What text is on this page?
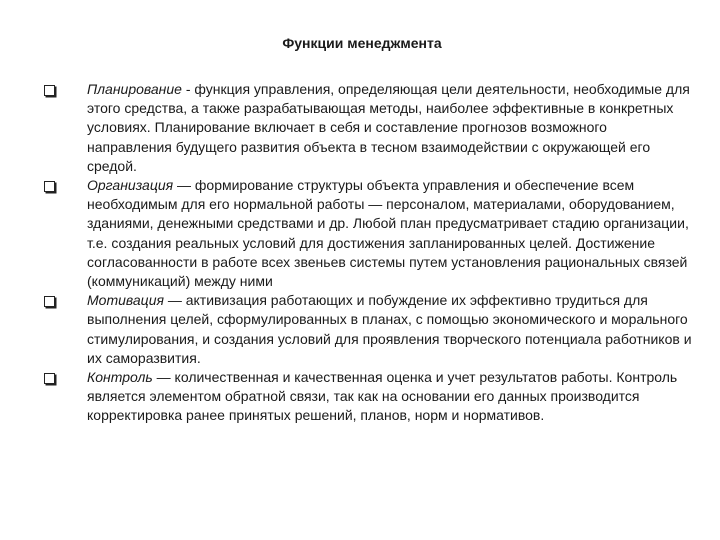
Функции менеджмента
Планирование - функция управления, определяющая цели деятельности, необходимые для этого средства, а также разрабатывающая методы, наиболее эффективные в конкретных условиях. Планирование включает в себя и составление прогнозов возможного направления будущего развития объекта в тесном взаимодействии с окружающей его средой.
Организация — формирование структуры объекта управления и обеспечение всем необходимым для его нормальной работы — персоналом, материалами, оборудованием, зданиями, денежными средствами и др. Любой план предусматривает стадию организации, т.е. создания реальных условий для достижения запланированных целей. Достижение согласованности в работе всех звеньев системы путем установления рациональных связей (коммуникаций) между ними
Мотивация — активизация работающих и побуждение их эффективно трудиться для выполнения целей, сформулированных в планах, с помощью экономического и морального стимулирования, и создания условий для проявления творческого потенциала работников и их саморазвития.
Контроль — количественная и качественная оценка и учет результатов работы. Контроль является элементом обратной связи, так как на основании его данных производится корректировка ранее принятых решений, планов, норм и нормативов.
